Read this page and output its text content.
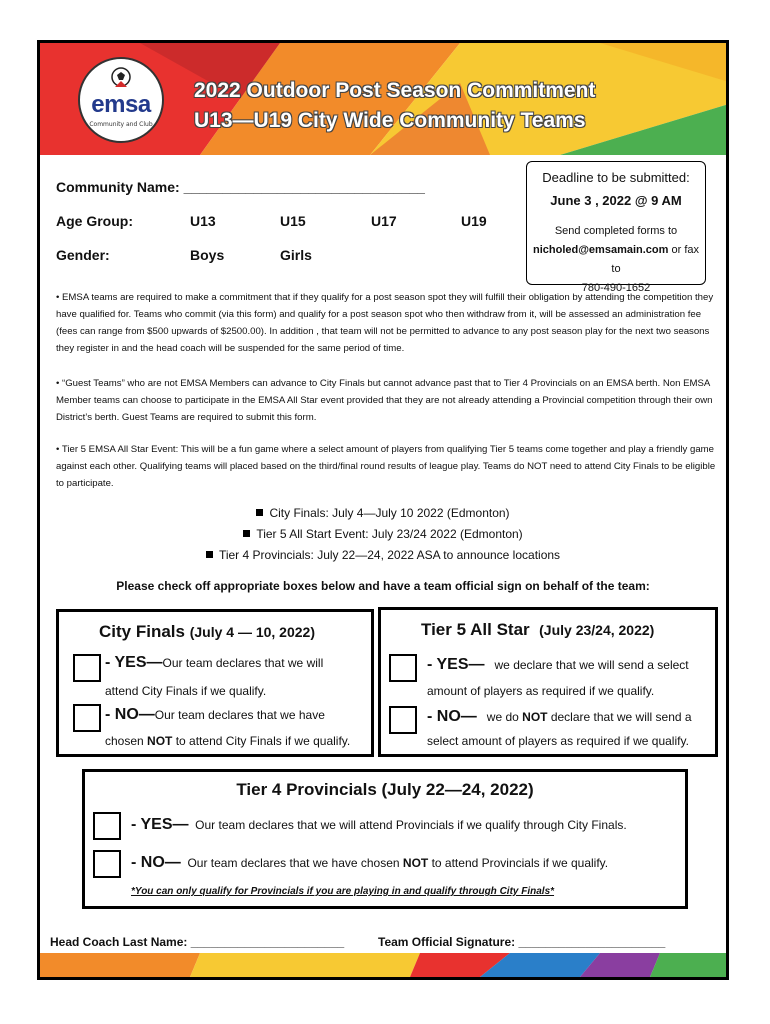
emsa
Community and Club
2022 Outdoor Post Season Commitment
U13—U19 City Wide Community Teams
Community Name: _______________________________
Age Group:	U13	U15	U17	U19
Gender:	Boys	Girls
Deadline to be submitted:
June 3 , 2022 @ 9 AM
Send completed forms to
nicholed@emsamain.com or fax to
780-490-1652
• EMSA teams are required to make a commitment that if they qualify for a post season spot they will fulfill their obligation by attending the competition they have qualified for. Teams who commit (via this form) and qualify for a post season spot who then withdraw from it, will be assessed an administration fee (fees can range from $500 upwards of $2500.00). In addition , that team will not be permitted to advance to any post season play for the next two seasons they register in and the head coach will be suspended for the same period of time.
• “Guest Teams” who are not EMSA Members can advance to City Finals but cannot advance past that to Tier 4 Provincials on an EMSA berth. Non EMSA Member teams can choose to participate in the EMSA All Star event provided that they are not already attending a Provincial competition through their own District’s berth. Guest Teams are required to submit this form.
• Tier 5 EMSA All Star Event: This will be a fun game where a select amount of players from qualifying Tier 5 teams come together and play a friendly game against each other. Qualifying teams will placed based on the third/final round results of league play. Teams do NOT need to attend City Finals to be eligible to participate.
City Finals: July 4—July 10 2022 (Edmonton)
Tier 5 All Start Event: July 23/24 2022 (Edmonton)
Tier 4 Provincials: July 22—24, 2022 ASA to announce locations
Please check off appropriate boxes below and have a team official sign on behalf of the team:
City Finals (July 4 — 10, 2022)
- YES—Our team declares that we will
attend City Finals if we qualify.
- NO—Our team declares that we have
chosen NOT to attend City Finals if we qualify.
Tier 5 All Star (July 23/24, 2022)
- YES— we declare that we will send a select
amount of players as required if we qualify.
- NO— we do NOT declare that we will send a
select amount of players as required if we qualify.
Tier 4 Provincials (July 22—24, 2022)
- YES— Our team declares that we will attend Provincials if we qualify through City Finals.
- NO— Our team declares that we have chosen NOT to attend Provincials if we qualify.
*You can only qualify for Provincials if you are playing in and qualify through City Finals*
Head Coach Last Name: _______________________	Team Official Signature: ______________________
